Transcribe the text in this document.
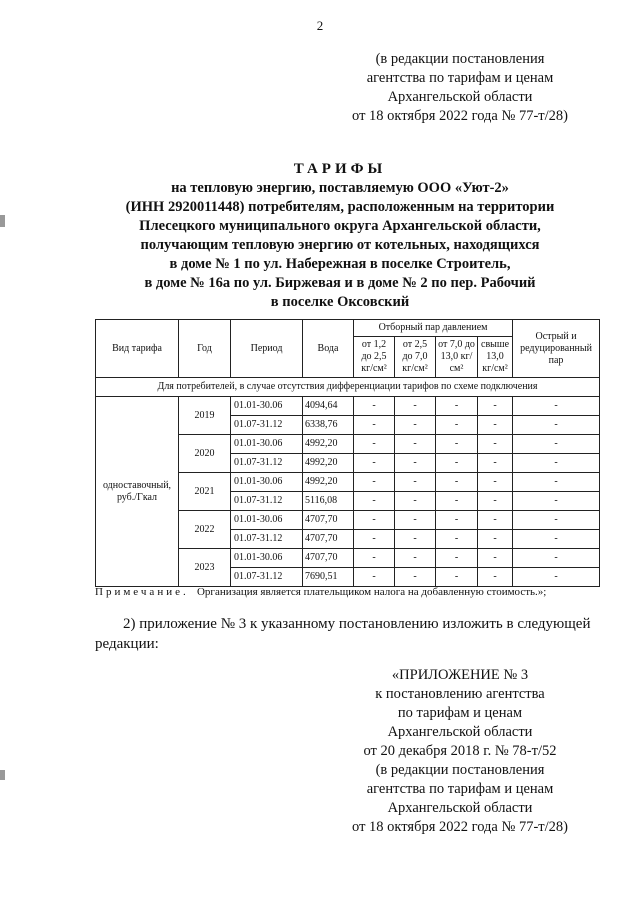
2
(в редакции постановления
агентства по тарифам и ценам
Архангельской области
от 18 октября 2022 года № 77-т/28)
ТАРИФЫ
на тепловую энергию, поставляемую ООО «Уют-2»
(ИНН 2920011448) потребителям, расположенным на территории
Плесецкого муниципального округа Архангельской области,
получающим тепловую энергию от котельных, находящихся
в доме № 1 по ул. Набережная в поселке Строитель,
в доме № 16а по ул. Биржевая и в доме № 2 по пер. Рабочий
в поселке Оксовский
Вид тарифа	Год	Период	Вода	Отборный пар давлением				Острый и редуцированный пар
				от 1,2 до 2,5 кг/см²	от 2,5 до 7,0 кг/см²	от 7,0 до 13,0 кг/см²	свыше 13,0 кг/см²	
Для потребителей, в случае отсутствия дифференциации тарифов по схеме подключения								
одноставочный, руб./Гкал	2019	01.01-30.06	4094,64	-	-	-	-	-
		01.07-31.12	6338,76	-	-	-	-	-
	2020	01.01-30.06	4992,20	-	-	-	-	-
		01.07-31.12	4992,20	-	-	-	-	-
	2021	01.01-30.06	4992,20	-	-	-	-	-
		01.07-31.12	5116,08	-	-	-	-	-
	2022	01.01-30.06	4707,70	-	-	-	-	-
		01.07-31.12	4707,70	-	-	-	-	-
	2023	01.01-30.06	4707,70	-	-	-	-	-
		01.07-31.12	7690,51	-	-	-	-	-
Примечание. Организация является плательщиком налога на добавленную стоимость.»;
2) приложение № 3 к указанному постановлению изложить в следующей редакции:
«ПРИЛОЖЕНИЕ № 3
к постановлению агентства
по тарифам и ценам
Архангельской области
от 20 декабря 2018 г. № 78-т/52
(в редакции постановления
агентства по тарифам и ценам
Архангельской области
от 18 октября 2022 года № 77-т/28)
